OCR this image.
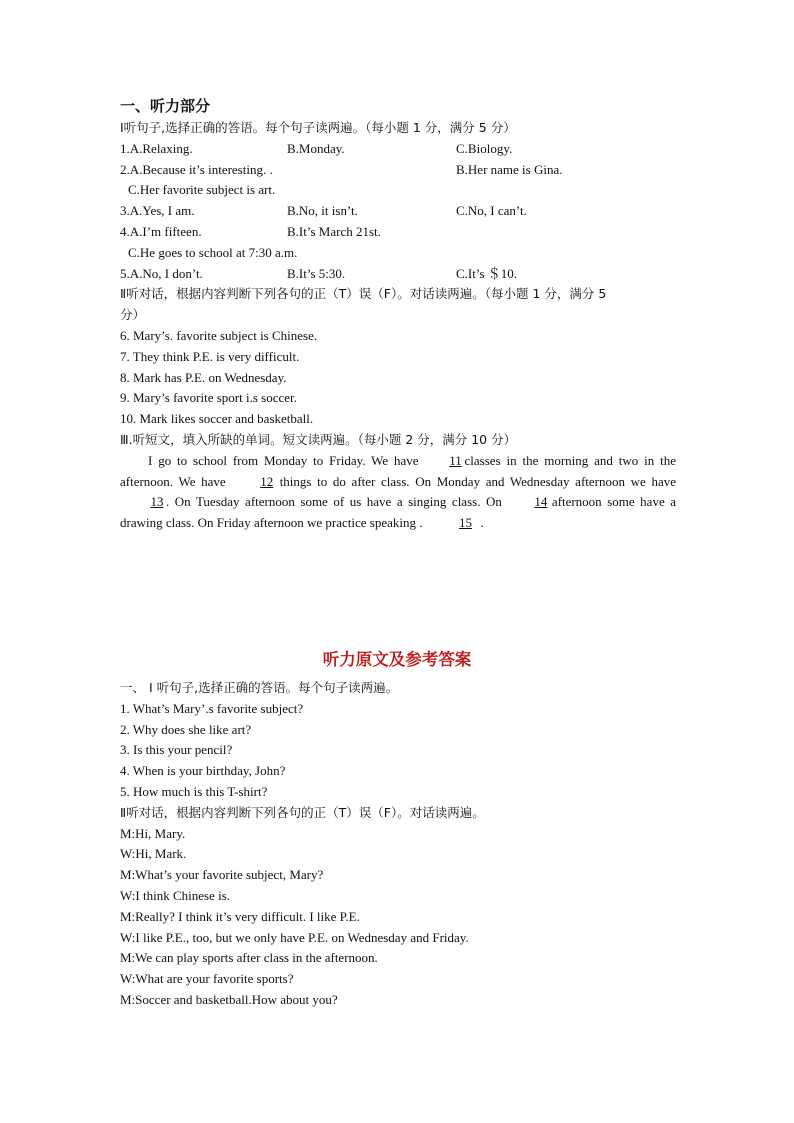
一、听力部分
Ⅰ听句子,选择正确的答语。每个句子读两遍。（每小题 1 分，满分 5 分）
1.A.Relaxing.	B.Monday.	C.Biology.
2.A.Because it’s interesting. .	B.Her name is Gina.
C.Her favorite subject is art.
3.A.Yes, I am.	B.No, it isn’t.	C.No, I can’t.
4.A.I’m fifteen.	B.It’s March 21st.
C.He goes to school at 7:30 a.m.
5.A.No, I don’t.	B.It’s 5:30.	C.It’s ＄10.
Ⅱ听对话，根据内容判断下列各句的正（T）误（F）。对话读两遍。（每小题 1 分，满分 5
分）
6. Mary’s. favorite subject is Chinese.
7. They think P.E. is very difficult.
8. Mark has P.E. on Wednesday.
9. Mary’s favorite sport i.s soccer.
10. Mark likes soccer and basketball.
Ⅲ.听短文，填入所缺的单词。短文读两遍。（每小题 2 分，满分 10 分）
I go to school from Monday to Friday. We have 11 classes in the morning and two in the afternoon. We have	12 things to do after class. On Monday and Wednesday afternoon we have13 . On Tuesday afternoon some of us have a singing class. On	14 afternoon some have a drawing class. On Friday afternoon we practice speaking .	15 .
听力原文及参考答案
一、 Ⅰ 听句子,选择正确的答语。每个句子读两遍。
1. What’s Mary’.s favorite subject?
2. Why does she like art?
3. Is this your pencil?
4. When is your birthday, John?
5. How much is this T-shirt?
Ⅱ听对话，根据内容判断下列各句的正（T）误（F）。对话读两遍。
M:Hi, Mary.
W:Hi, Mark.
M:What’s your favorite subject, Mary?
W:I think Chinese is.
M:Really? I think it’s very difficult. I like P.E.
W:I like P.E., too, but we only have P.E. on Wednesday and Friday.
M:We can play sports after class in the afternoon.
W:What are your favorite sports?
M:Soccer and basketball.How about you?
